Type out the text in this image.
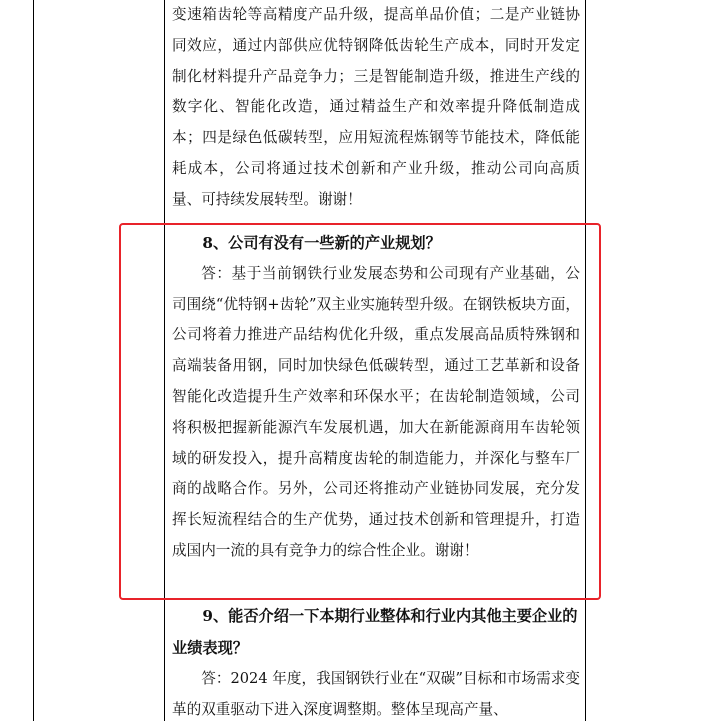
变速箱齿轮等高精度产品升级，提高单品价值；二是产业链协同效应，通过内部供应优特钢降低齿轮生产成本，同时开发定制化材料提升产品竞争力；三是智能制造升级，推进生产线的数字化、智能化改造，通过精益生产和效率提升降低制造成本；四是绿色低碳转型，应用短流程炼钢等节能技术，降低能耗成本，公司将通过技术创新和产业升级，推动公司向高质量、可持续发展转型。谢谢！

8、公司有没有一些新的产业规划？

答：基于当前钢铁行业发展态势和公司现有产业基础，公司围绕“优特钢+齿轮”双主业实施转型升级。在钢铁板块方面，公司将着力推进产品结构优化升级，重点发展高品质特殊钢和高端装备用钢，同时加快绿色低碳转型，通过工艺革新和设备智能化改造提升生产效率和环保水平；在齿轮制造领域，公司将积极把握新能源汽车发展机遇，加大在新能源商用车齿轮领域的研发投入，提升高精度齿轮的制造能力，并深化与整车厂商的战略合作。另外，公司还将推动产业链协同发展，充分发挥长短流程结合的生产优势，通过技术创新和管理提升，打造成国内一流的具有竞争力的综合性企业。谢谢！

9、能否介绍一下本期行业整体和行业内其他主要企业的业绩表现？

答：2024 年度，我国钢铁行业在“双碳”目标和市场需求变革的双重驱动下进入深度调整期。整体呈现高产量、
